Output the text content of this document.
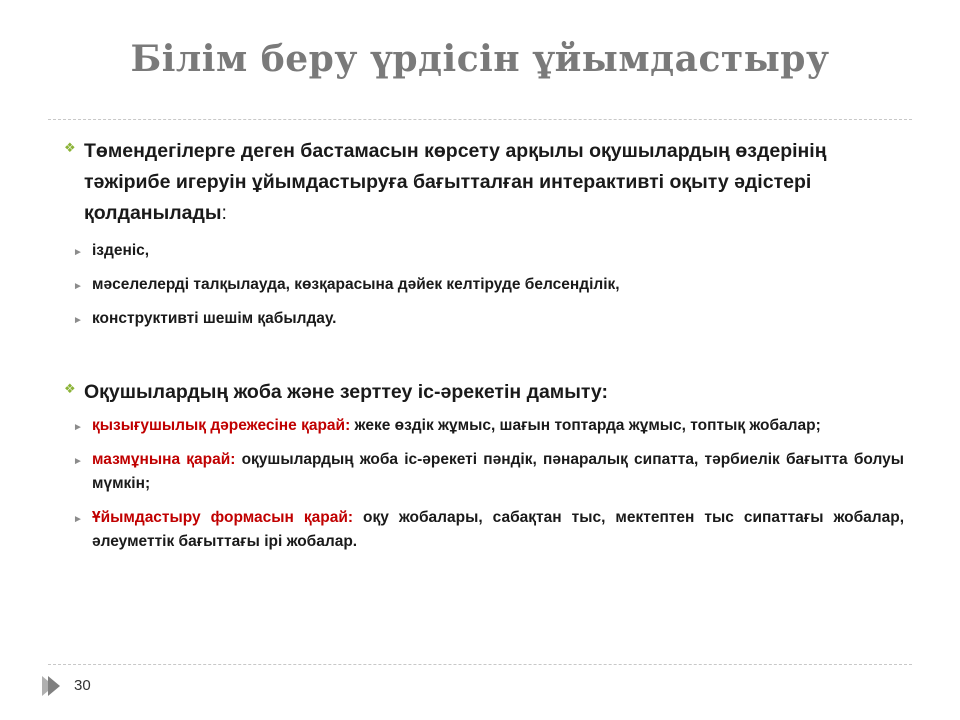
Білім беру үрдісін ұйымдастыру
❖ Төмендегілерге деген бастамасын көрсету арқылы оқушылардың өздерінің тәжірибе игеруін ұйымдастыруға бағытталған интерактивті оқыту әдістері қолданылады:
► ізденіс,
► мәселелерді талқылауда, көзқарасына дәйек келтіруде белсенділік,
► конструктивті шешім қабылдау.
❖ Оқушылардың жоба және зерттеу іс-әрекетін дамыту:
► қызығушылық дәрежесіне қарай: жеке өздік жұмыс, шағын топтарда жұмыс, топтық жобалар;
► мазмұнына қарай: оқушылардың жоба іс-әрекеті пәндік, пәнаралық сипатта, тәрбиелік бағытта болуы мүмкін;
► Ұйымдастыру формасын қарай: оқу жобалары, сабақтан тыс, мектептен тыс сипаттағы жобалар, әлеуметтік бағыттағы ірі жобалар.
30
